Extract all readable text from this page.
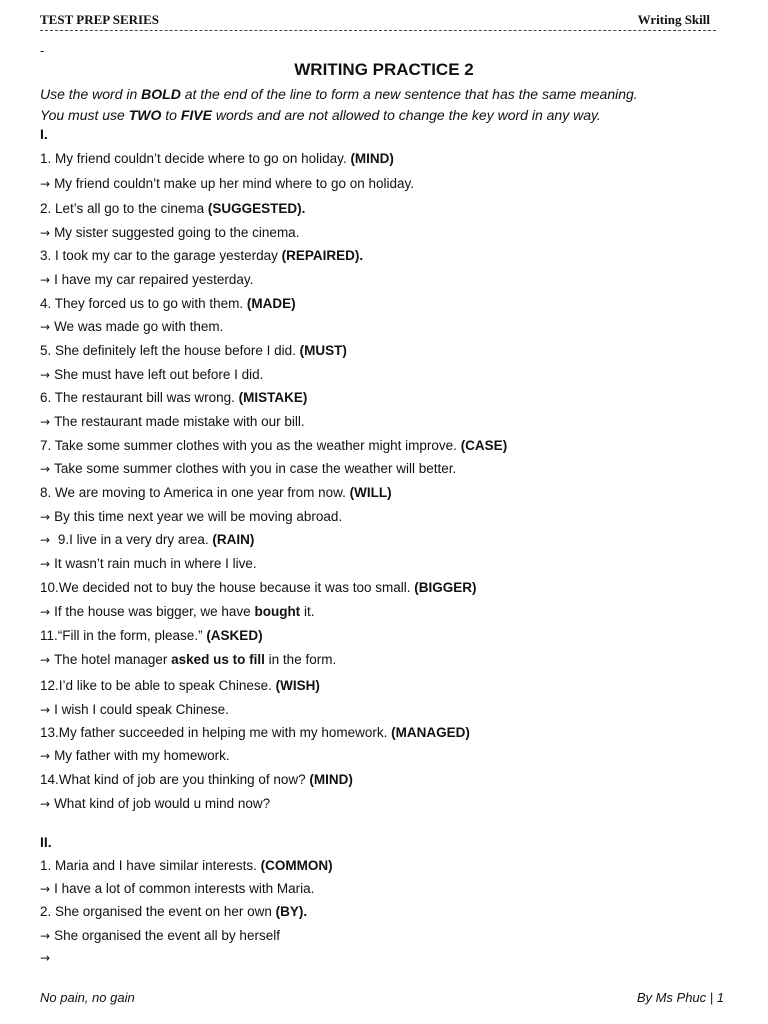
TEST PREP SERIES	Writing Skill
-
WRITING PRACTICE 2
Use the word in BOLD at the end of the line to form a new sentence that has the same meaning.
You must use TWO to FIVE words and are not allowed to change the key word in any way.
I.
1. My friend couldn’t decide where to go on holiday. (MIND)
→ My friend couldn’t make up her mind where to go on holiday.
2. Let’s all go to the cinema (SUGGESTED).
→ My sister suggested going to the cinema.
3. I took my car to the garage yesterday (REPAIRED).
→ I have my car repaired yesterday.
4. They forced us to go with them. (MADE)
→ We was made go with them.
5. She definitely left the house before I did. (MUST)
→ She must have left out before I did.
6. The restaurant bill was wrong. (MISTAKE)
→ The restaurant made mistake with our bill.
7. Take some summer clothes with you as the weather might improve. (CASE)
→ Take some summer clothes with you in case the weather will better.
8. We are moving to America in one year from now. (WILL)
→ By this time next year we will be moving abroad.
→ 9.I live in a very dry area. (RAIN)
→ It wasn’t rain much in where I live.
10.We decided not to buy the house because it was too small. (BIGGER)
→ If the house was bigger, we have bought it.
11.“Fill in the form, please.” (ASKED)
→ The hotel manager asked us to fill in the form.
12.I’d like to be able to speak Chinese. (WISH)
→ I wish I could speak Chinese.
13.My father succeeded in helping me with my homework. (MANAGED)
→ My father with my homework.
14.What kind of job are you thinking of now? (MIND)
→ What kind of job would u mind now?
II.
1. Maria and I have similar interests. (COMMON)
→ I have a lot of common interests with Maria.
2. She organised the event on her own (BY).
→ She organised the event all by herself
→
No pain, no gain	By Ms Phuc | 1
